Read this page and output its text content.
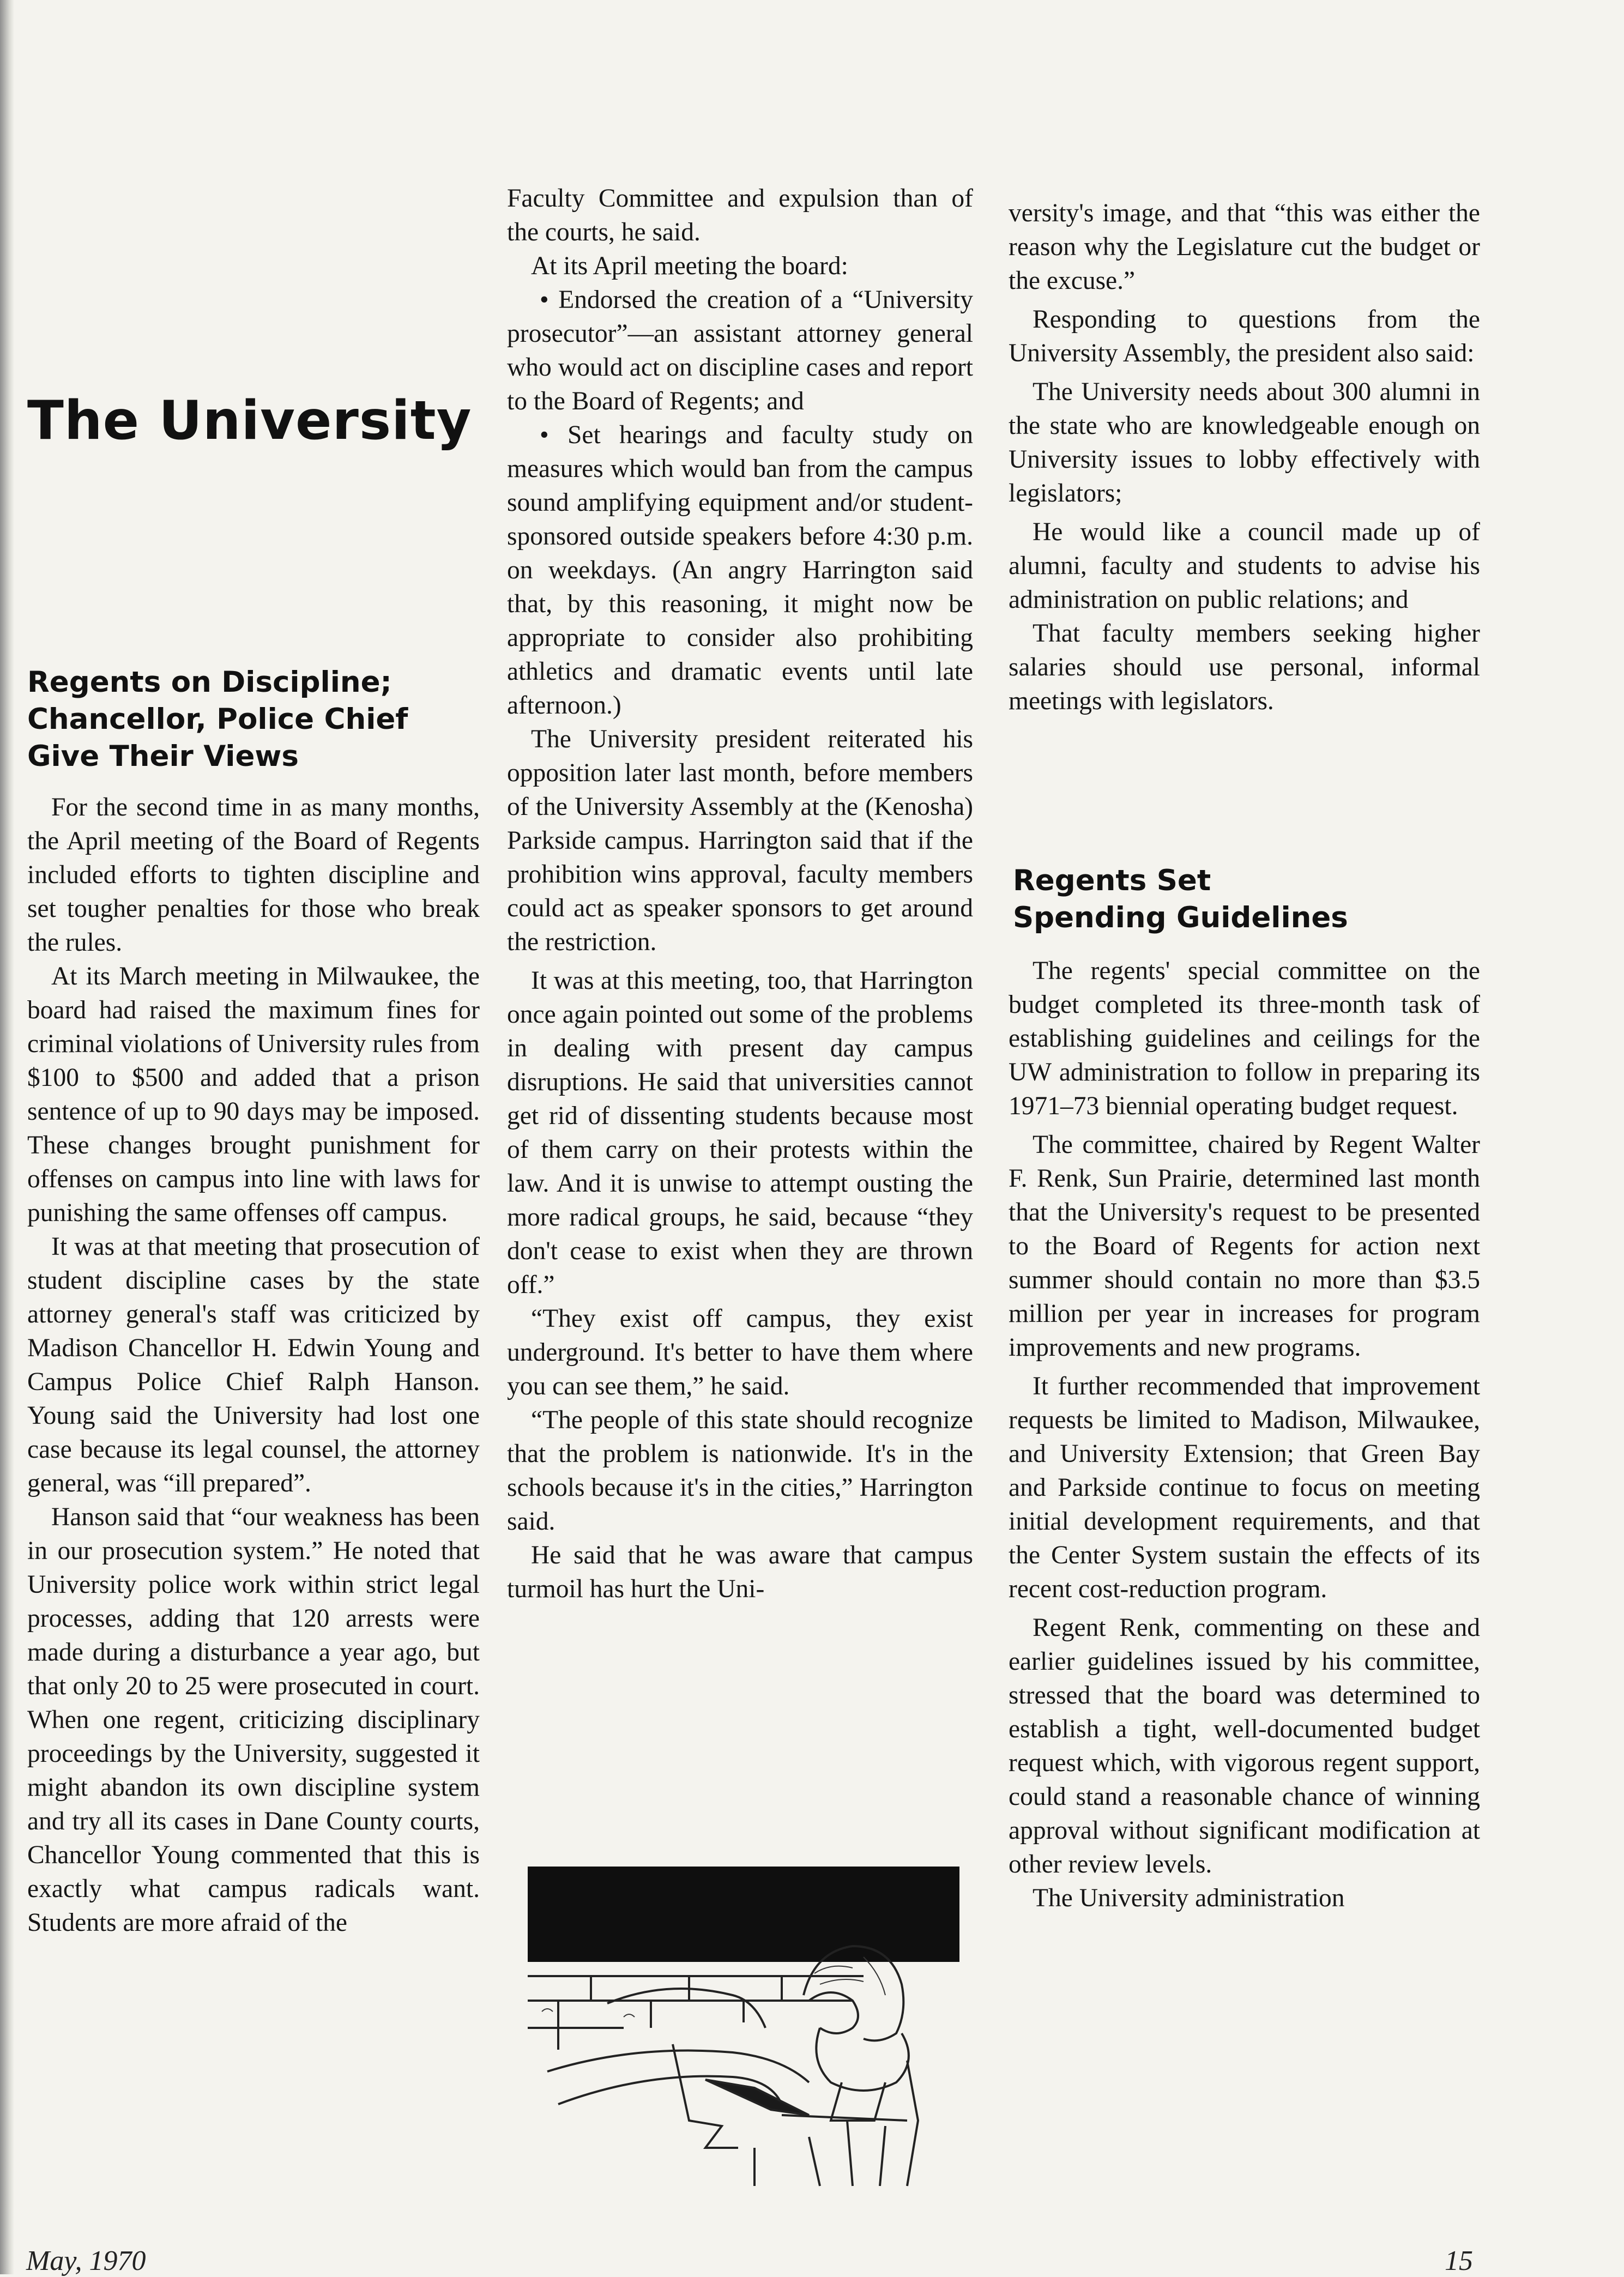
The University
Regents on Discipline;
Chancellor, Police Chief
Give Their Views

For the second time in as many months, the April meeting of the Board of Regents included efforts to tighten discipline and set tougher penalties for those who break the rules.

At its March meeting in Milwaukee, the board had raised the maximum fines for criminal violations of University rules from $100 to $500 and added that a prison sentence of up to 90 days may be imposed. These changes brought punishment for offenses on campus into line with laws for punishing the same offenses off campus.

It was at that meeting that prosecution of student discipline cases by the state attorney general's staff was criticized by Madison Chancellor H. Edwin Young and Campus Police Chief Ralph Hanson. Young said the University had lost one case because its legal counsel, the attorney general, was “ill prepared”.

Hanson said that “our weakness has been in our prosecution system.” He noted that University police work within strict legal processes, adding that 120 arrests were made during a disturbance a year ago, but that only 20 to 25 were prosecuted in court. When one regent, criticizing disciplinary proceedings by the University, suggested it might abandon its own discipline system and try all its cases in Dane County courts, Chancellor Young commented that this is exactly what campus radicals want. Students are more afraid of the

Faculty Committee and expulsion than of the courts, he said.

At its April meeting the board:

• Endorsed the creation of a “University prosecutor”—an assistant attorney general who would act on discipline cases and report to the Board of Regents; and

• Set hearings and faculty study on measures which would ban from the campus sound amplifying equipment and/or student-sponsored outside speakers before 4:30 p.m. on weekdays. (An angry Harrington said that, by this reasoning, it might now be appropriate to consider also prohibiting athletics and dramatic events until late afternoon.)

The University president reiterated his opposition later last month, before members of the University Assembly at the (Kenosha) Parkside campus. Harrington said that if the prohibition wins approval, faculty members could act as speaker sponsors to get around the restriction.

It was at this meeting, too, that Harrington once again pointed out some of the problems in dealing with present day campus disruptions. He said that universities cannot get rid of dissenting students because most of them carry on their protests within the law. And it is unwise to attempt ousting the more radical groups, he said, because “they don't cease to exist when they are thrown off.”

“They exist off campus, they exist underground. It's better to have them where you can see them,” he said.

“The people of this state should recognize that the problem is nationwide. It's in the schools because it's in the cities,” Harrington said.

He said that he was aware that campus turmoil has hurt the Uni-

versity's image, and that “this was either the reason why the Legislature cut the budget or the excuse.”

Responding to questions from the University Assembly, the president also said:

The University needs about 300 alumni in the state who are knowledgeable enough on University issues to lobby effectively with legislators;

He would like a council made up of alumni, faculty and students to advise his administration on public relations; and

That faculty members seeking higher salaries should use personal, informal meetings with legislators.

Regents Set
Spending Guidelines

The regents' special committee on the budget completed its three-month task of establishing guidelines and ceilings for the UW administration to follow in preparing its 1971–73 biennial operating budget request.

The committee, chaired by Regent Walter F. Renk, Sun Prairie, determined last month that the University's request to be presented to the Board of Regents for action next summer should contain no more than $3.5 million per year in increases for program improvements and new programs.

It further recommended that improvement requests be limited to Madison, Milwaukee, and University Extension; that Green Bay and Parkside continue to focus on meeting initial development requirements, and that the Center System sustain the effects of its recent cost-reduction program.

Regent Renk, commenting on these and earlier guidelines issued by his committee, stressed that the board was determined to establish a tight, well-documented budget request which, with vigorous regent support, could stand a reasonable chance of winning approval without significant modification at other review levels.

The University administration

May, 1970	15
